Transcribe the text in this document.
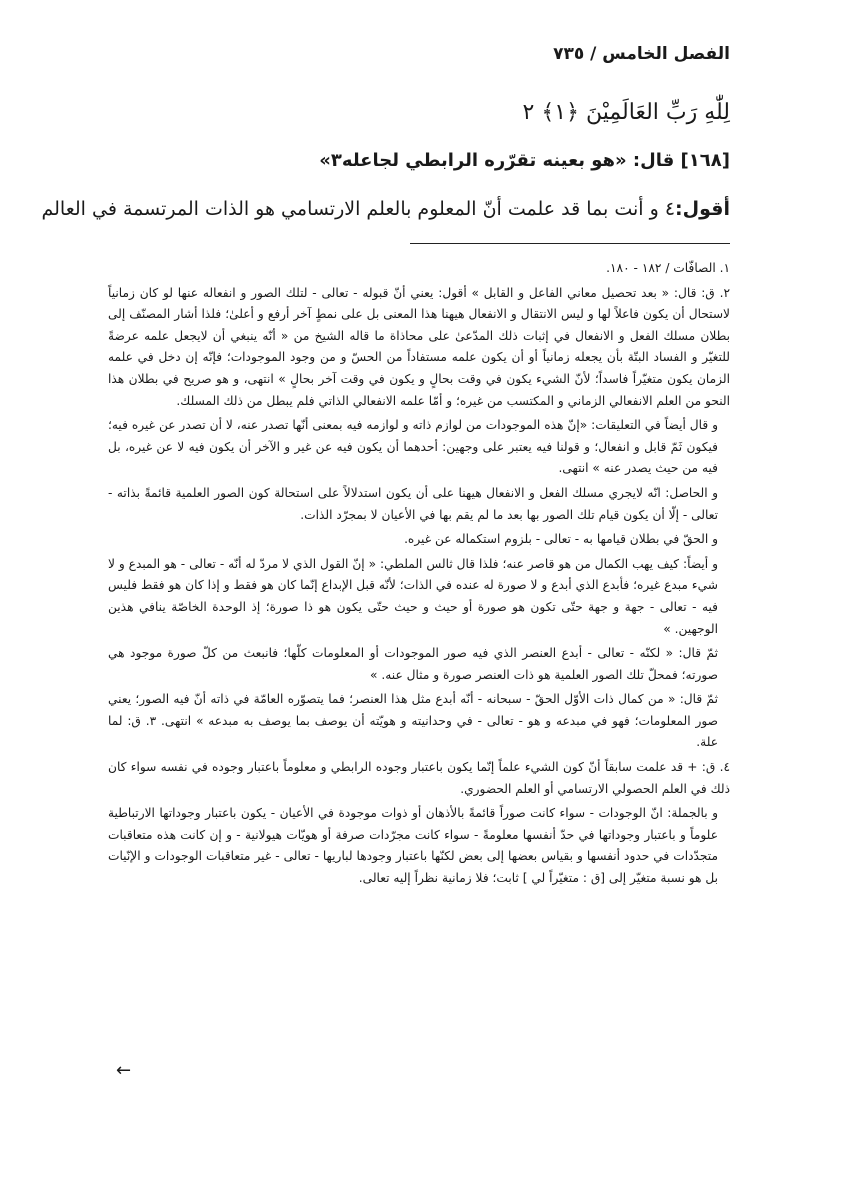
الفصل الخامس / ٧٣٥
لِلّٰهِ رَبِّ العَالَمِيْنَ ﴿١﴾ ٢
[١٦٨] قال: «هو بعينه تقرّره الرابطي لجاعله٣»
أقول:٤ و أنت بما قد علمت أنّ المعلوم بالعلم الارتسامي هو الذات المرتسمة في العالم

١. الصافّات / ١٨٢ - ١٨٠.

٢. ق: قال: « بعد تحصيل معاني الفاعل و القابل » أقول: يعني أنّ قبوله - تعالى - لتلك الصور و انفعاله عنها لو كان زمانياً لاستحال أن يكون فاعلاً لها و ليس الانتقال و الانفعال هيهنا هذا المعنى بل على نمطٍ آخر أرفع و أعلىٰ؛ فلذا أشار المصنّف إلى بطلان مسلك الفعل و الانفعال في إثبات ذلك المدّعىٰ على محاذاة ما قاله الشيخ من « أنّه ينبغي أن لايجعل علمه عرضةً للتغيّر و الفساد البتّة بأن يجعله زمانياً أو أن يكون علمه مستفاداً من الحسّ و من وجود الموجودات؛ فإنّه إن دخل في علمه الزمان يكون متغيّراً فاسداً؛ لأنّ الشيء يكون في وقت بحالٍ و يكون في وقت آخر بحالٍ » انتهى، و هو صريح في بطلان هذا النحو من العلم الانفعالي الزماني و المكتسب من غيره؛ و أمّا علمه الانفعالي الذاتي فلم يبطل من ذلك المسلك.

و قال أيضاً في التعليقات: «إنّ هذه الموجودات من لوازم ذاته و لوازمه فيه بمعنى أنّها تصدر عنه، لا أن تصدر عن غيره فيه؛ فيكون ثَمّ قابل و انفعال؛ و قولنا فيه يعتبر على وجهين: أحدهما أن يكون فيه عن غير و الآخر أن يكون فيه لا عن غيره، بل فيه من حيث يصدر عنه » انتهى.

و الحاصل: انّه لايجري مسلك الفعل و الانفعال هيهنا على أن يكون استدلالاً على استحالة كون الصور العلمية قائمةً بذاته - تعالى - إلّا أن يكون قيام تلك الصور بها بعد ما لم يقم بها في الأعيان لا بمجرّد الذات.

و الحقّ في بطلان قيامها به - تعالى - بلزوم استكماله عن غيره.

و أيضاً: كيف يهب الكمال من هو قاصر عنه؛ فلذا قال ثالس الملطي: « إنّ القول الذي لا مردّ له أنّه - تعالى - هو المبدع و لا شيء مبدع غيره؛ فأبدع الذي أبدع و لا صورة له عنده في الذات؛ لأنّه قبل الإبداع إنّما كان هو فقط و إذا كان هو فقط فليس فيه - تعالى - جهة و جهة حتّى تكون هو صورة أو حيث و حيث حتّى يكون هو ذا صورة؛ إذ الوحدة الخاصّة ينافي هذين الوجهين. »

ثمّ قال: « لكنّه - تعالى - أبدع العنصر الذي فيه صور الموجودات أو المعلومات كلّها؛ فانبعث من كلّ صورة موجود هي صورته؛ فمحلّ تلك الصور العلمية هو ذات العنصر صورة و مثال عنه. »

ثمّ قال: « من كمال ذات الأوّل الحقّ - سبحانه - أنّه أبدع مثل هذا العنصر؛ فما يتصوّره العامّة في ذاته أنّ فيه الصور؛ يعني صور المعلومات؛ فهو في مبدعه و هو - تعالى - في وحدانيته و هويّته أن يوصف بما يوصف به مبدعه » انتهى. ٣. ق: لما علة.

٤. ق: + قد علمت سابقاً أنّ كون الشيء علماً إنّما يكون باعتبار وجوده الرابطي و معلوماً باعتبار وجوده في نفسه سواء كان ذلك في العلم الحصولي الارتسامي أو العلم الحضوري.

و بالجملة: انّ الوجودات - سواء كانت صوراً قائمةً بالأذهان أو ذوات موجودة في الأعيان - يكون باعتبار وجوداتها الارتباطية علوماً و باعتبار وجوداتها في حدّ أنفسها معلومةً - سواء كانت مجرّدات صرفة أو هويّات هيولانية - و إن كانت هذه متعاقبات متجدّدات في حدود أنفسها و بقياس بعضها إلى بعض لكنّها باعتبار وجودها لباريها - تعالى - غير متعاقبات الوجودات و الإنّيات بل هو نسبة متغيّر إلى [ق : متغيّراً لي ] ثابت؛ فلا زمانية نظراً إليه تعالى.

←
